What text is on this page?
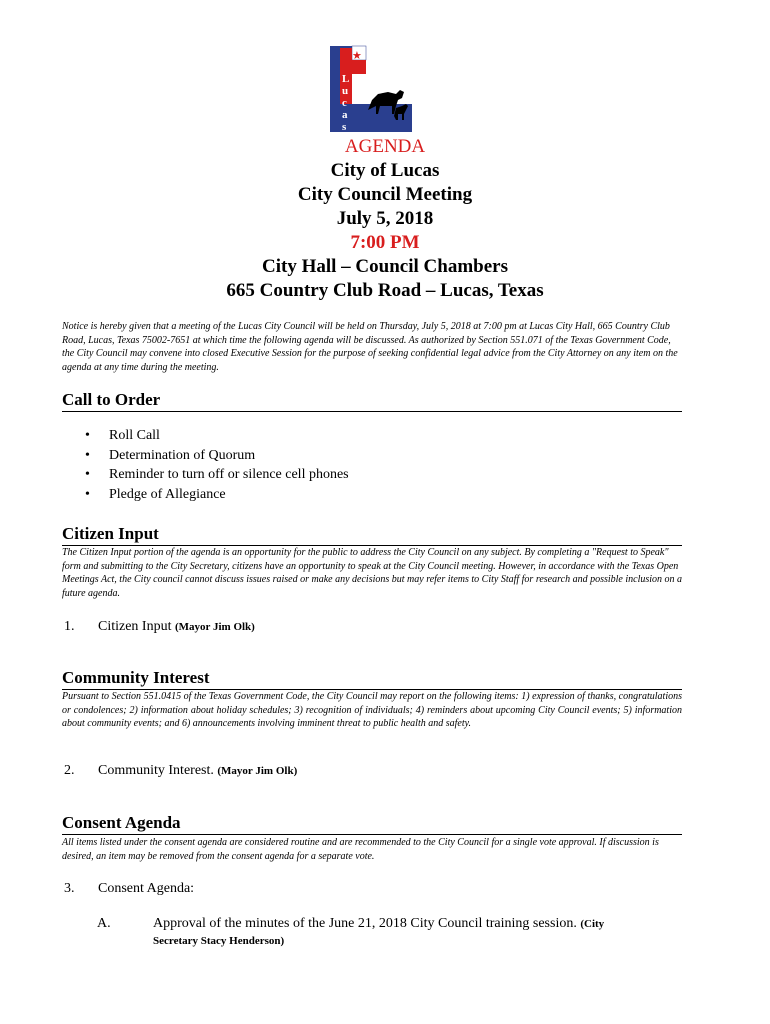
★
L
u
c
a
s
AGENDA
City of Lucas
City Council Meeting
July 5, 2018
7:00 PM
City Hall – Council Chambers
665 Country Club Road – Lucas, Texas
Notice is hereby given that a meeting of the Lucas City Council will be held on Thursday, July 5, 2018 at 7:00 pm at Lucas City Hall, 665 Country Club Road, Lucas, Texas 75002-7651 at which time the following agenda will be discussed. As authorized by Section 551.071 of the Texas Government Code, the City Council may convene into closed Executive Session for the purpose of seeking confidential legal advice from the City Attorney on any item on the agenda at any time during the meeting.
Call to Order
•	Roll Call
•	Determination of Quorum
•	Reminder to turn off or silence cell phones
•	Pledge of Allegiance
Citizen Input
The Citizen Input portion of the agenda is an opportunity for the public to address the City Council on any subject. By completing a "Request to Speak" form and submitting to the City Secretary, citizens have an opportunity to speak at the City Council meeting. However, in accordance with the Texas Open Meetings Act, the City council cannot discuss issues raised or make any decisions but may refer items to City Staff for research and possible inclusion on a future agenda.
1. Citizen Input (Mayor Jim Olk)
Community Interest
Pursuant to Section 551.0415 of the Texas Government Code, the City Council may report on the following items: 1) expression of thanks, congratulations or condolences; 2) information about holiday schedules; 3) recognition of individuals; 4) reminders about upcoming City Council events; 5) information about community events; and 6) announcements involving imminent threat to public health and safety.
2. Community Interest. (Mayor Jim Olk)
Consent Agenda
All items listed under the consent agenda are considered routine and are recommended to the City Council for a single vote approval. If discussion is desired, an item may be removed from the consent agenda for a separate vote.
3. Consent Agenda:
A.	Approval of the minutes of the June 21, 2018 City Council training session. (City
Secretary Stacy Henderson)
